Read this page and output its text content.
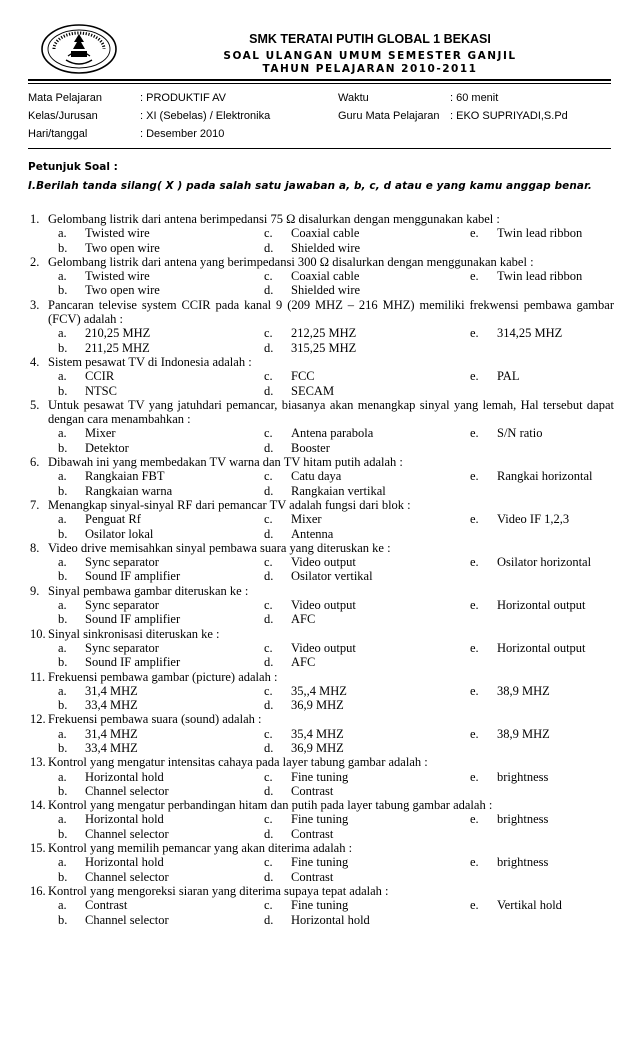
SMK TERATAI PUTIH GLOBAL 1 BEKASI
SOAL ULANGAN UMUM SEMESTER GANJIL
TAHUN PELAJARAN 2010-2011
Mata Pelajaran	: PRODUKTIF AV	Waktu	: 60 menit
Kelas/Jurusan	: XI (Sebelas) / Elektronika	Guru Mata Pelajaran : EKO SUPRIYADI,S.Pd
Hari/tanggal	: Desember 2010
Petunjuk Soal :
I.Berilah tanda silang( X ) pada salah satu jawaban a, b, c, d atau e yang kamu anggap benar.
1. Gelombang listrik dari antena berimpedansi 75 Ω disalurkan dengan menggunakan kabel :
a. Twisted wire	c. Coaxial cable	e. Twin lead ribbon
b. Two open wire	d. Shielded wire
2. Gelombang listrik dari antena yang berimpedansi 300 Ω disalurkan dengan menggunakan kabel :
a. Twisted wire	c. Coaxial cable	e. Twin lead ribbon
b. Two open wire	d. Shielded wire
3. Pancaran televise system CCIR pada kanal 9 (209 MHZ – 216 MHZ) memiliki frekwensi pembawa gambar
(FCV) adalah :
a. 210,25 MHZ	c. 212,25 MHZ	e. 314,25 MHZ
b. 211,25 MHZ	d. 315,25 MHZ
4. Sistem pesawat TV di Indonesia adalah :
a. CCIR	c. FCC	e. PAL
b. NTSC	d. SECAM
5. Untuk pesawat TV yang jatuhdari pemancar, biasanya akan menangkap sinyal yang lemah, Hal tersebut dapat
dengan cara menambahkan :
a. Mixer	c. Antena parabola	e. S/N ratio
b. Detektor	d. Booster
6. Dibawah ini yang membedakan TV warna dan TV hitam putih adalah :
a. Rangkaian FBT	c. Catu daya	e. Rangkai horizontal
b. Rangkaian warna	d. Rangkaian vertikal
7. Menangkap sinyal-sinyal RF dari pemancar TV adalah fungsi dari blok :
a. Penguat Rf	c. Mixer	e. Video IF 1,2,3
b. Osilator lokal	d. Antenna
8. Video drive memisahkan sinyal pembawa suara yang diteruskan ke :
a. Sync separator	c. Video output	e. Osilator horizontal
b. Sound IF amplifier	d. Osilator vertikal
9. Sinyal pembawa gambar diteruskan ke :
a. Sync separator	c. Video output	e. Horizontal output
b. Sound IF amplifier	d. AFC
10. Sinyal sinkronisasi diteruskan ke :
a. Sync separator	c. Video output	e. Horizontal output
b. Sound IF amplifier	d. AFC
11. Frekuensi pembawa gambar (picture) adalah :
a. 31,4 MHZ	c. 35,,4 MHZ	e. 38,9 MHZ
b. 33,4 MHZ	d. 36,9 MHZ
12. Frekuensi pembawa suara (sound) adalah :
a. 31,4 MHZ	c. 35,4 MHZ	e. 38,9 MHZ
b. 33,4 MHZ	d. 36,9 MHZ
13. Kontrol yang mengatur intensitas cahaya pada layer tabung gambar adalah :
a. Horizontal hold	c. Fine tuning	e. brightness
b. Channel selector	d. Contrast
14. Kontrol yang mengatur perbandingan hitam dan putih pada layer tabung gambar adalah :
a. Horizontal hold	c. Fine tuning	e. brightness
b. Channel selector	d. Contrast
15. Kontrol yang memilih pemancar yang akan diterima adalah :
a. Horizontal hold	c. Fine tuning	e. brightness
b. Channel selector	d. Contrast
16. Kontrol yang mengoreksi siaran yang diterima supaya tepat adalah :
a. Contrast	c. Fine tuning	e. Vertikal hold
b. Channel selector	d. Horizontal hold
